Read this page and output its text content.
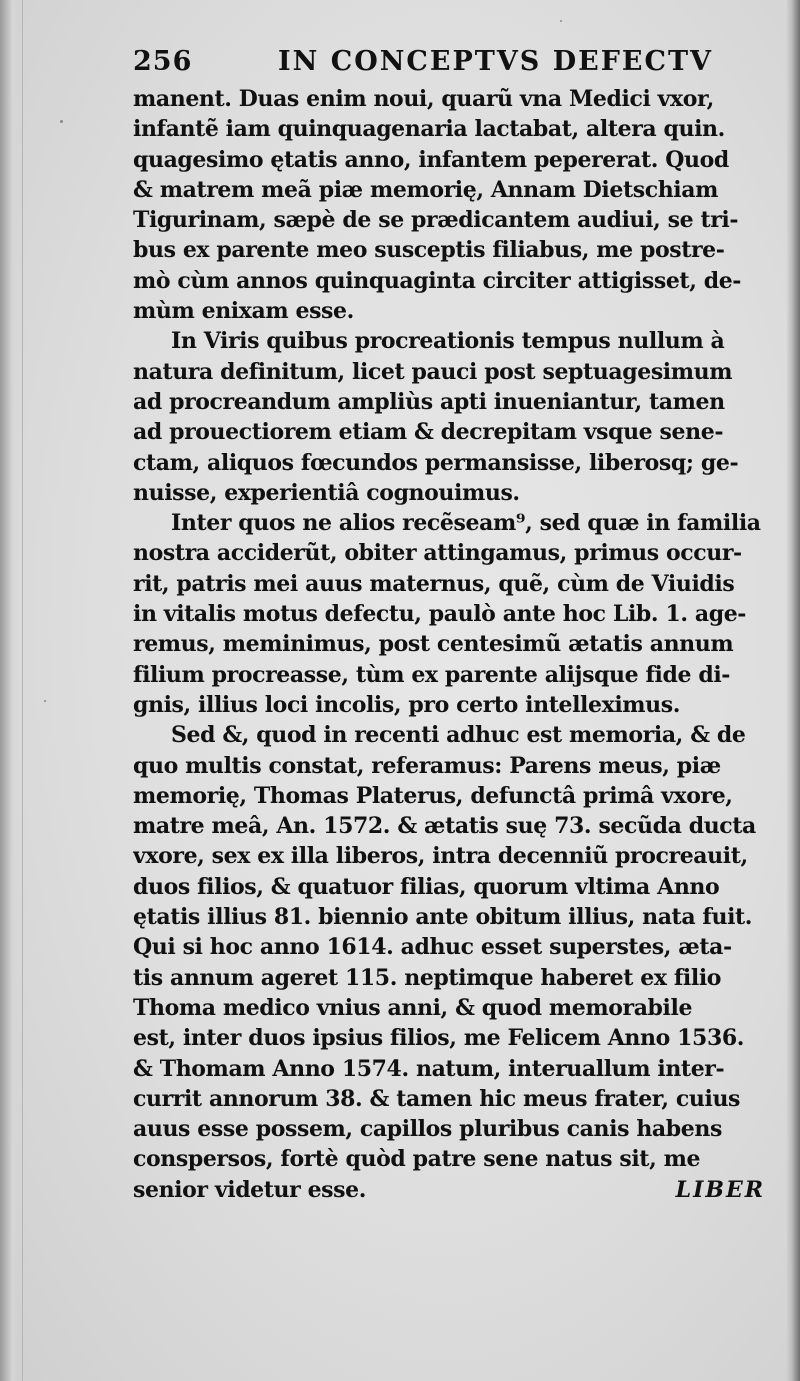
256	IN CONCEPTVS DEFECTV
manent. Duas enim noui, quarũ vna Medici vxor,
infantẽ iam quinquagenaria lactabat, altera quin.
quagesimo ętatis anno, infantem pepererat. Quod
& matrem meã piæ memorię, Annam Dietschiam
Tigurinam, sæpè de se prædicantem audiui, se tri-
bus ex parente meo susceptis filiabus, me postre-
mò cùm annos quinquaginta circiter attigisset, de-
mùm enixam esse.
In Viris quibus procreationis tempus nullum à
natura definitum, licet pauci post septuagesimum
ad procreandum ampliùs apti inueniantur, tamen
ad prouectiorem etiam & decrepitam vsque sene-
ctam, aliquos fœcundos permansisse, liberosq; ge-
nuisse, experientiâ cognouimus.
Inter quos ne alios recẽseam⁹, sed quæ in familia
nostra acciderũt, obiter attingamus, primus occur-
rit, patris mei auus maternus, quẽ, cùm de Viuidis
in vitalis motus defectu, paulò ante hoc Lib. 1. age-
remus, meminimus, post centesimũ ætatis annum
filium procreasse, tùm ex parente alijsque fide di-
gnis, illius loci incolis, pro certo intelleximus.
Sed &, quod in recenti adhuc est memoria, & de
quo multis constat, referamus: Parens meus, piæ
memorię, Thomas Platerus, defunctâ primâ vxore,
matre meâ, An. 1572. & ætatis suę 73. secũda ducta
vxore, sex ex illa liberos, intra decenniũ procreauit,
duos filios, & quatuor filias, quorum vltima Anno
ętatis illius 81. biennio ante obitum illius, nata fuit.
Qui si hoc anno 1614. adhuc esset superstes, æta-
tis annum ageret 115. neptimque haberet ex filio
Thoma medico vnius anni, & quod memorabile
est, inter duos ipsius filios, me Felicem Anno 1536.
& Thomam Anno 1574. natum, interuallum inter-
currit annorum 38. & tamen hic meus frater, cuius
auus esse possem, capillos pluribus canis habens
conspersos, fortè quòd patre sene natus sit, me
senior videtur esse.	LIBER
